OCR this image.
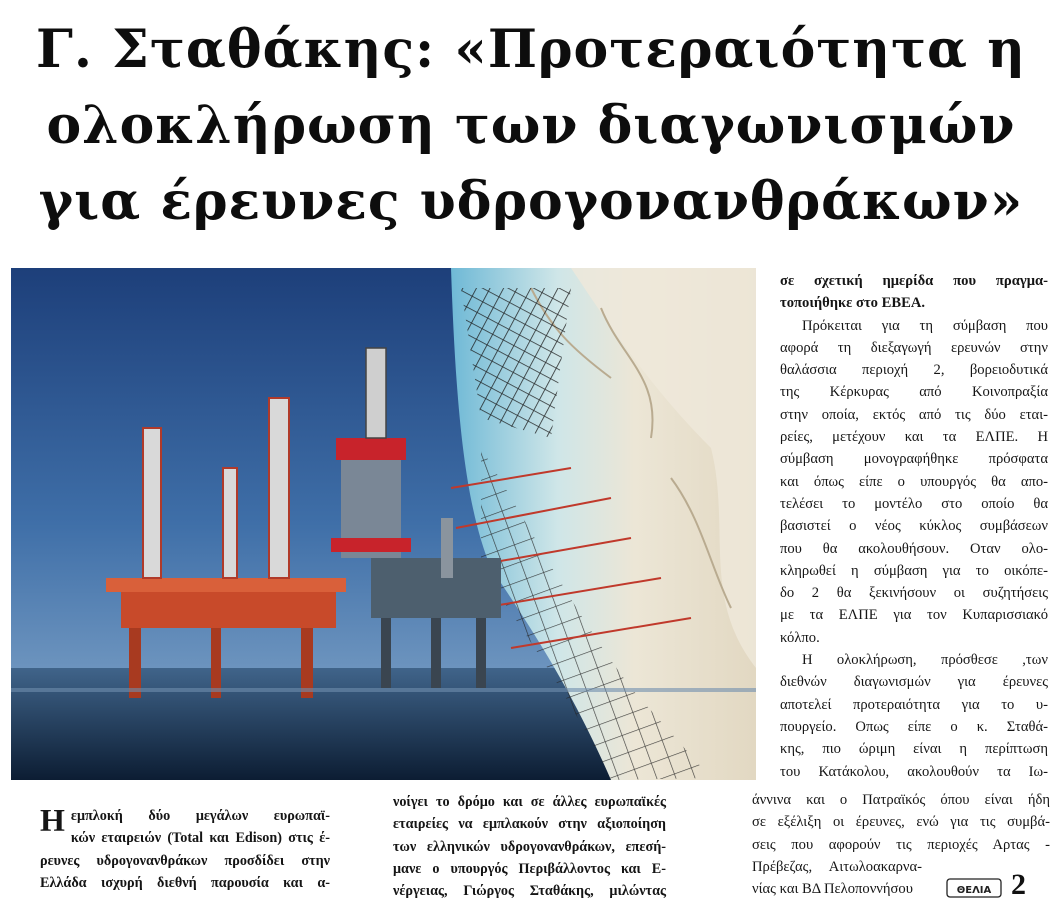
Γ. Σταθάκης: «Προτεραιότητα η
ολοκλήρωση των διαγωνισμών
για έρευνες υδρογονανθράκων»

Η εμπλοκή δύο μεγάλων ευρωπαϊ-

κών εταιρειών (Total και Edison) στις έ-

ρευνες υδρογονανθράκων προσδίδει στην

Ελλάδα ισχυρή διεθνή παρουσία και α-

νοίγει το δρόμο και σε άλλες ευρωπαϊκές

εταιρείες να εμπλακούν στην αξιοποίηση

των ελληνικών υδρογονανθράκων, επεσή-

μανε ο υπουργός Περιβάλλοντος και Ε-

νέργειας, Γιώργος Σταθάκης, μιλώντας

σε σχετική ημερίδα που πραγμα-

τοποιήθηκε στο ΕΒΕΑ.

Πρόκειται για τη σύμβαση που

αφορά τη διεξαγωγή ερευνών στην

θαλάσσια περιοχή 2, βορειοδυτικά

της Κέρκυρας από Κοινοπραξία

στην οποία, εκτός από τις δύο εται-

ρείες, μετέχουν και τα ΕΛΠΕ. Η

σύμβαση μονογραφήθηκε πρόσφατα

και όπως είπε ο υπουργός θα απο-

τελέσει το μοντέλο στο οποίο θα

βασιστεί ο νέος κύκλος συμβάσεων

που θα ακολουθήσουν. Οταν ολο-

κληρωθεί η σύμβαση για το οικόπε-

δο 2 θα ξεκινήσουν οι συζητήσεις

με τα ΕΛΠΕ για τον Κυπαρισσιακό

κόλπο.

Η ολοκλήρωση, πρόσθεσε ,των

διεθνών διαγωνισμών για έρευνες

αποτελεί προτεραιότητα για το υ-

πουργείο. Οπως είπε ο κ. Σταθά-

κης, πιο ώριμη είναι η περίπτωση

του Κατάκολου, ακολουθούν τα Ιω-

άννινα και ο Πατραϊκός όπου είναι ήδη

σε εξέλιξη οι έρευνες, ενώ για τις συμβά-

σεις που αφορούν τις περιοχές Αρτας -

Πρέβεζας, Αιτωλοακαρνα-

νίας και ΒΔ Πελοποννήσου	ΘΕΛΙΑ 2
